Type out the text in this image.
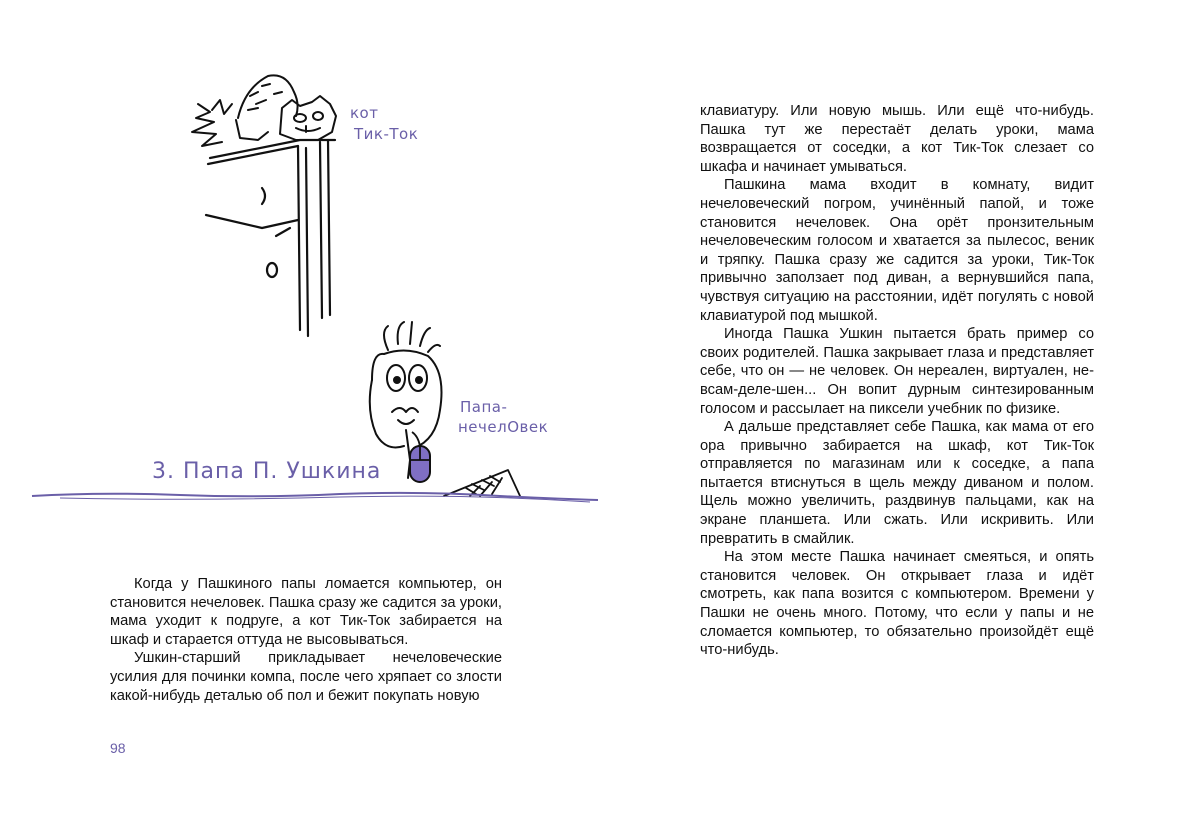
кот
Тик-Ток
Папа-
нечелОвек
3. Папа П. Ушкина

Когда у Пашкиного папы ломается компьютер, он становится нечеловек. Пашка сразу же садится за уроки, мама уходит к подруге, а кот Тик-Ток забирается на шкаф и старается оттуда не высовываться.

Ушкин-старший прикладывает нечеловеческие усилия для починки компа, после чего хряпает со злости какой-нибудь деталью об пол и бежит покупать новую

98

клавиатуру. Или новую мышь. Или ещё что-нибудь. Пашка тут же перестаёт делать уроки, мама возвращается от соседки, а кот Тик-Ток слезает со шкафа и начинает умываться.

Пашкина мама входит в комнату, видит нечеловеческий погром, учинённый папой, и тоже становится нечеловек. Она орёт пронзительным нечеловеческим голосом и хватается за пылесос, веник и тряпку. Пашка сразу же садится за уроки, Тик-Ток привычно заползает под диван, а вернувшийся папа, чувствуя ситуацию на расстоянии, идёт погулять с новой клавиатурой под мышкой.

Иногда Пашка Ушкин пытается брать пример со своих родителей. Пашка закрывает глаза и представляет себе, что он — не человек. Он нереален, виртуален, не-всам-деле-шен... Он вопит дурным синтезированным голосом и рассылает на пиксели учебник по физике.

А дальше представляет себе Пашка, как мама от его ора привычно забирается на шкаф, кот Тик-Ток отправляется по магазинам или к соседке, а папа пытается втиснуться в щель между диваном и полом. Щель можно увеличить, раздвинув пальцами, как на экране планшета. Или сжать. Или искривить. Или превратить в смайлик.

На этом месте Пашка начинает смеяться, и опять становится человек. Он открывает глаза и идёт смотреть, как папа возится с компьютером. Времени у Пашки не очень много. Потому, что если у папы и не сломается компьютер, то обязательно произойдёт ещё что-нибудь.
